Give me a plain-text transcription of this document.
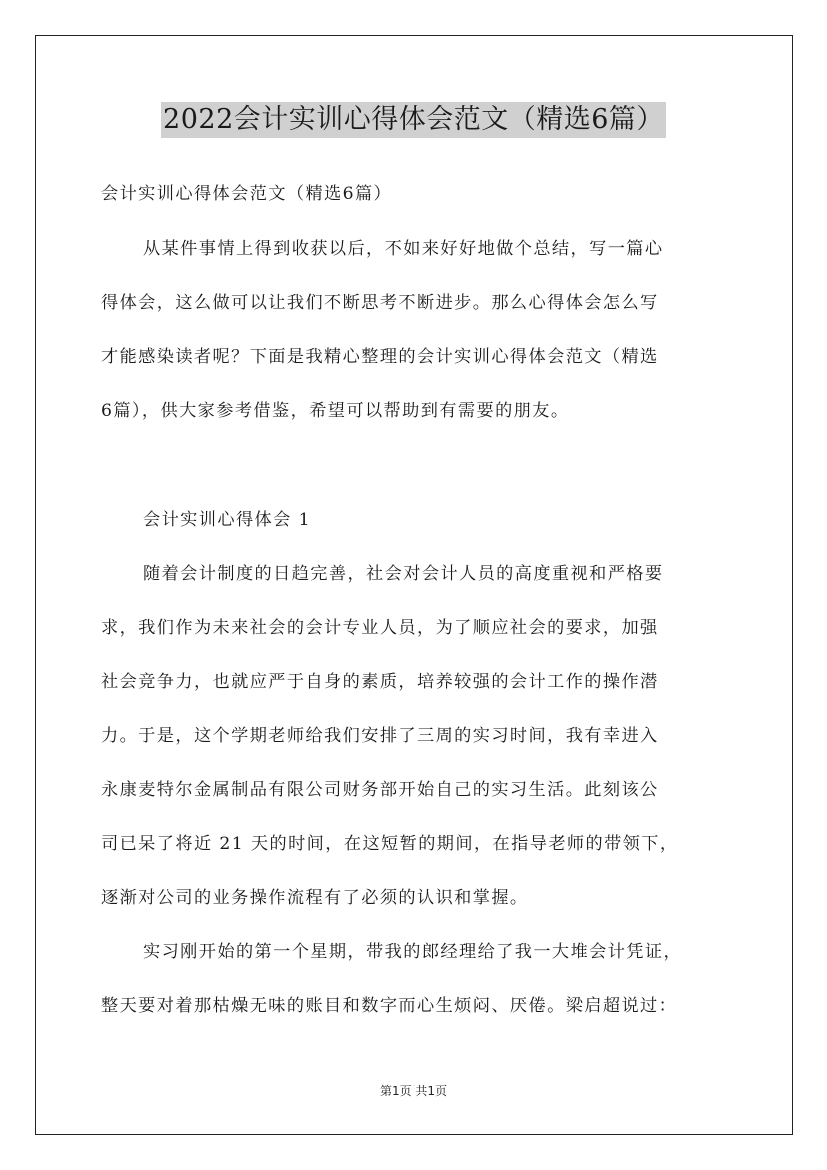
2022会计实训心得体会范文（精选6篇）
会计实训心得体会范文（精选6篇）
从某件事情上得到收获以后，不如来好好地做个总结，写一篇心
得体会，这么做可以让我们不断思考不断进步。那么心得体会怎么写
才能感染读者呢？下面是我精心整理的会计实训心得体会范文（精选
6篇），供大家参考借鉴，希望可以帮助到有需要的朋友。
会计实训心得体会 1
随着会计制度的日趋完善，社会对会计人员的高度重视和严格要
求，我们作为未来社会的会计专业人员，为了顺应社会的要求，加强
社会竞争力，也就应严于自身的素质，培养较强的会计工作的操作潜
力。于是，这个学期老师给我们安排了三周的实习时间，我有幸进入
永康麦特尔金属制品有限公司财务部开始自己的实习生活。此刻该公
司已呆了将近 21 天的时间，在这短暂的期间，在指导老师的带领下，
逐渐对公司的业务操作流程有了必须的认识和掌握。
实习刚开始的第一个星期，带我的郎经理给了我一大堆会计凭证，
整天要对着那枯燥无味的账目和数字而心生烦闷、厌倦。梁启超说过：
第1页 共1页
